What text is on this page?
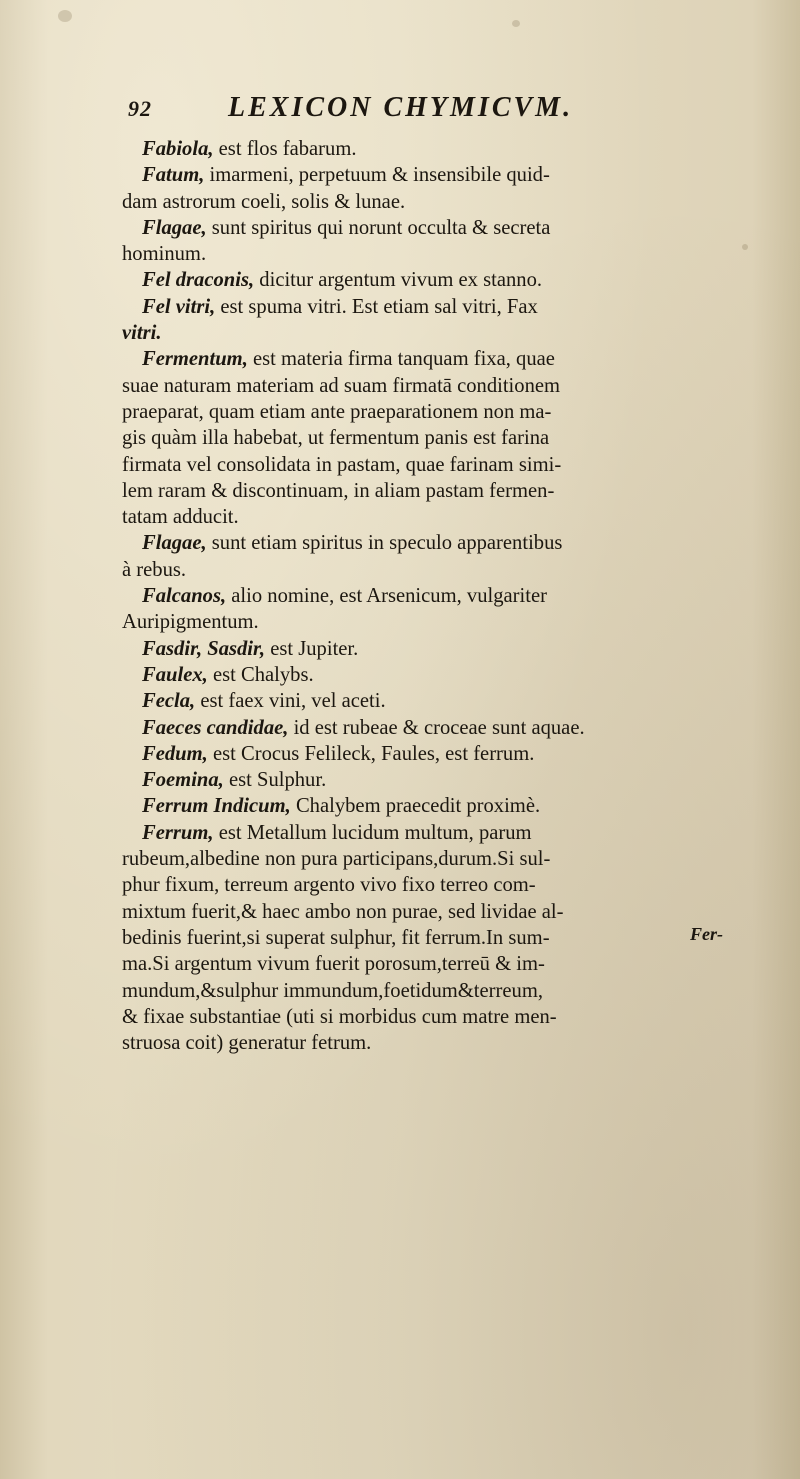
92	LEXICON CHYMICVM.
Fabiola, est flos fabarum.
Fatum, imarmeni, perpetuum & insensibile quid-
dam astrorum coeli, solis & lunae.
Flagae, sunt spiritus qui norunt occulta & secreta
hominum.
Fel draconis, dicitur argentum vivum ex stanno.
Fel vitri, est spuma vitri. Est etiam sal vitri, Fax
vitri.
Fermentum, est materia firma tanquam fixa, quae
suae naturam materiam ad suam firmatā conditionem
praeparat, quam etiam ante praeparationem non ma-
gis quàm illa habebat, ut fermentum panis est farina
firmata vel consolidata in pastam, quae farinam simi-
lem raram & discontinuam, in aliam pastam fermen-
tatam adducit.
Flagae, sunt etiam spiritus in speculo apparentibus
à rebus.
Falcanos, alio nomine, est Arsenicum, vulgariter
Auripigmentum.
Fasdir, Sasdir, est Jupiter.
Faulex, est Chalybs.
Fecla, est faex vini, vel aceti.
Faeces candidae, id est rubeae & croceae sunt aquae.
Fedum, est Crocus Felileck, Faules, est ferrum.
Foemina, est Sulphur.
Ferrum Indicum, Chalybem praecedit proximè.
Ferrum, est Metallum lucidum multum, parum
rubeum,albedine non pura participans,durum.Si sul-
phur fixum, terreum argento vivo fixo terreo com-
mixtum fuerit,& haec ambo non purae, sed lividae al-
bedinis fuerint,si superat sulphur, fit ferrum.In sum-
ma.Si argentum vivum fuerit porosum,terreū & im-
mundum,&sulphur immundum,foetidum&terreum,
& fixae substantiae (uti si morbidus cum matre men-
struosa coit) generatur fetrum.
Fer-
